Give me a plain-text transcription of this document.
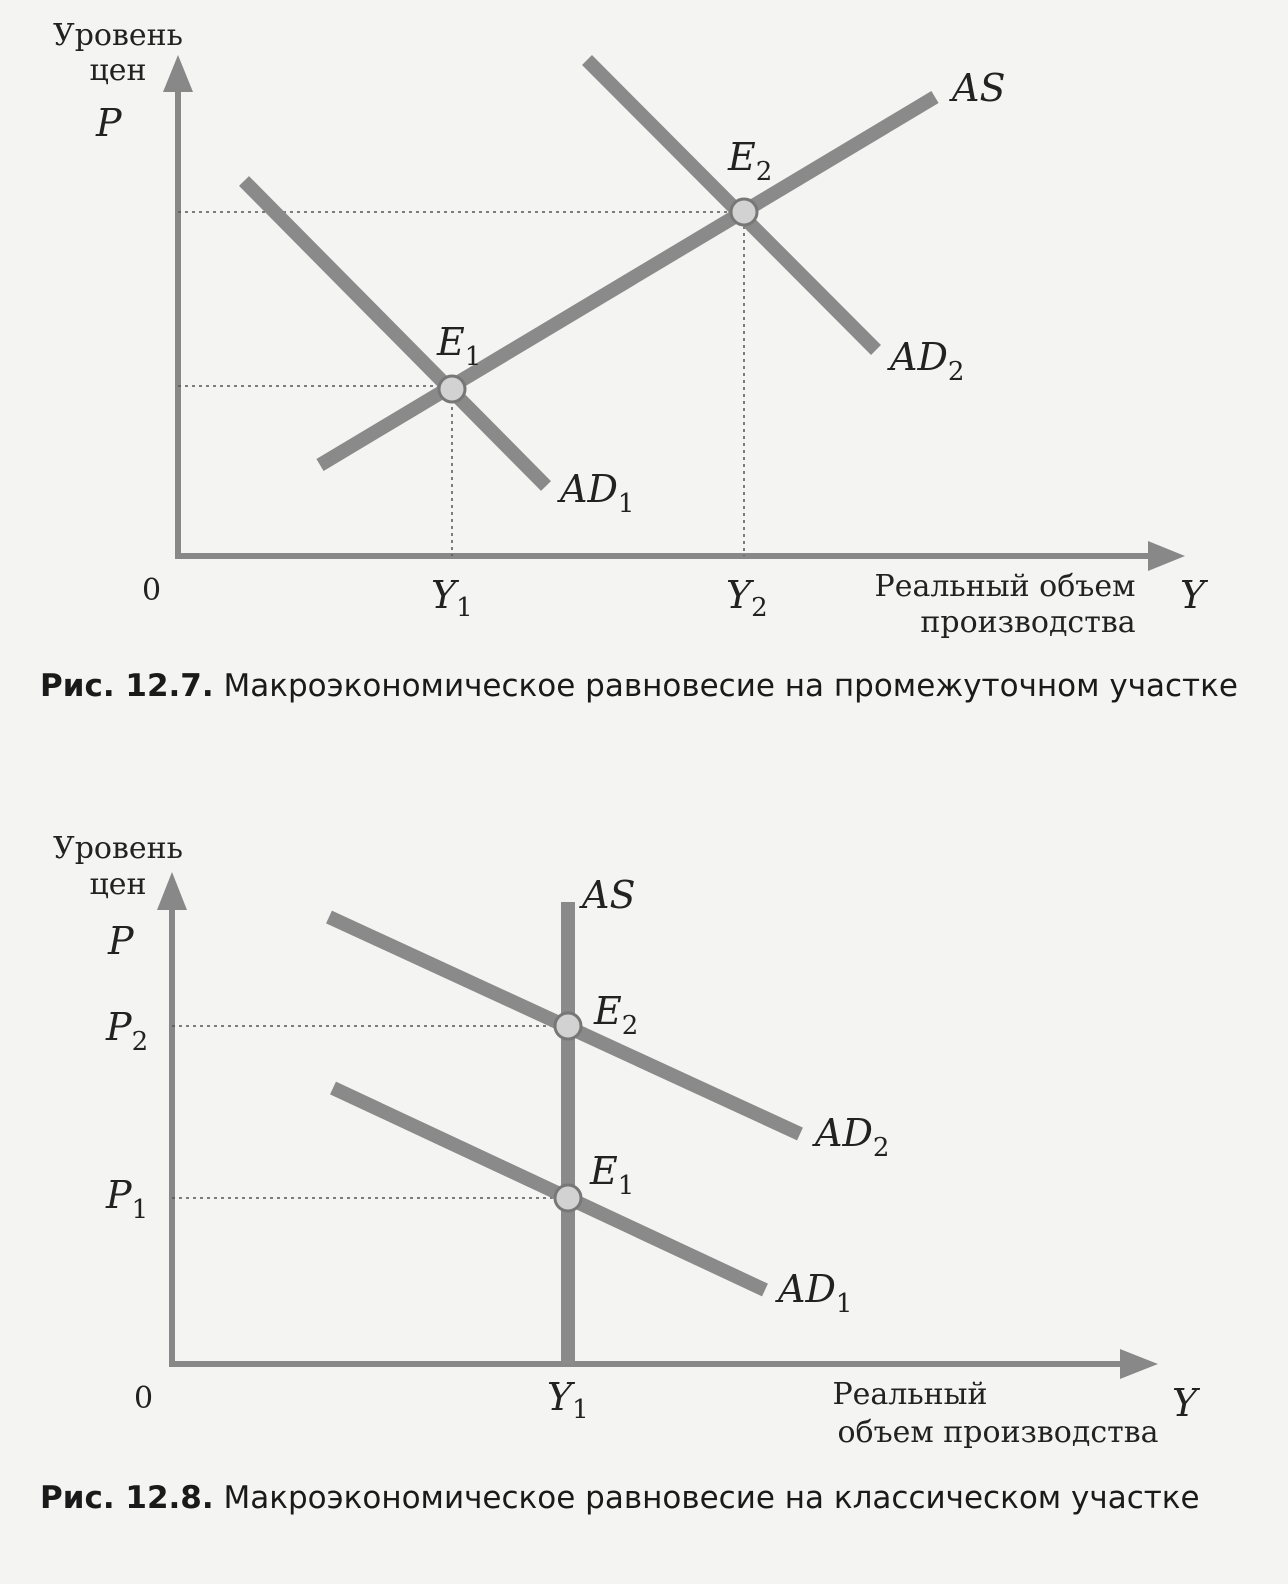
Уровень
цен
P
0	$Y_1$	$Y_2$
Реальный объем
производства
Y
AS
$AD_1$
$AD_2$
$E_1$
$E_2$
Рис. 12.7. Макроэкономическое равновесие на промежуточном участке
Уровень
цен
P
$P_2$
$P_1$
0	$Y_1$	Реальный
объем производства
Y
AS
$AD_2$
$AD_1$
$E_2$
$E_1$
Рис. 12.8. Макроэкономическое равновесие на классическом участке
